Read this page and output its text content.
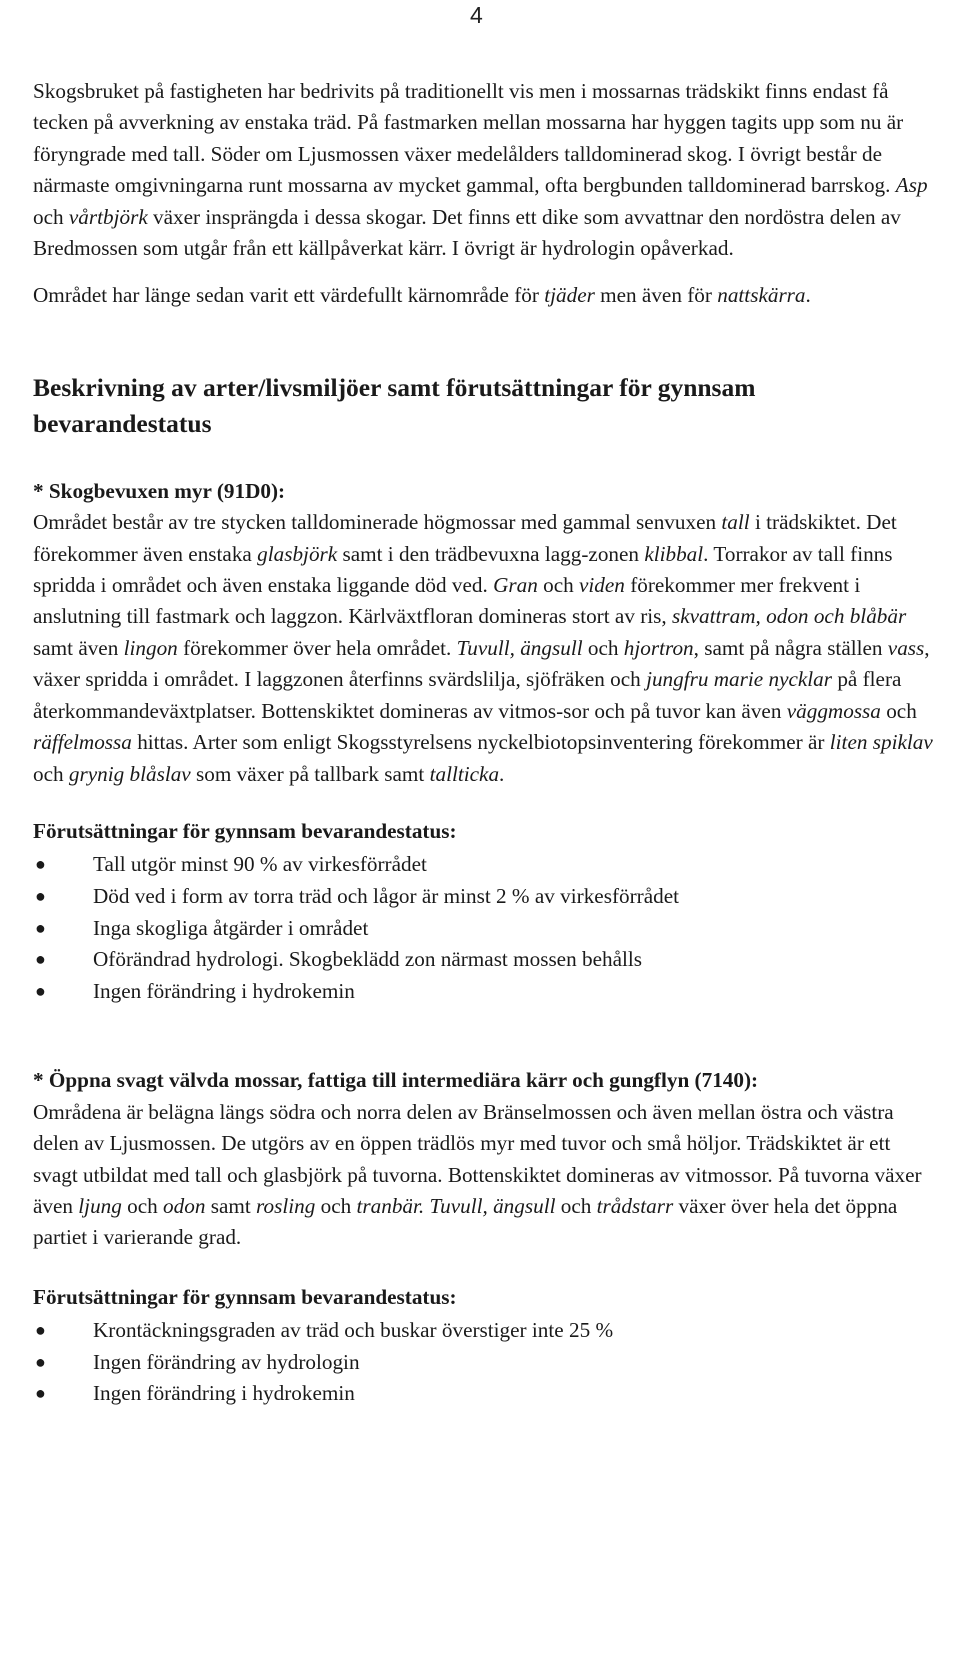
4

Skogsbruket på fastigheten har bedrivits på traditionellt vis men i mossarnas trädskikt finns endast få tecken på avverkning av enstaka träd. På fastmarken mellan mossarna har hyggen tagits upp som nu är föryngrade med tall. Söder om Ljusmossen växer medelålders talldominerad skog. I övrigt består de närmaste omgivningarna runt mossarna av mycket gammal, ofta bergbunden talldominerad barrskog. Asp och vårtbjörk växer insprängda i dessa skogar. Det finns ett dike som avvattnar den nordöstra delen av Bredmossen som utgår från ett källpåverkat kärr. I övrigt är hydrologin opåverkad.

Området har länge sedan varit ett värdefullt kärnområde för tjäder men även för nattskärra.

Beskrivning av arter/livsmiljöer samt förutsättningar för gynnsam bevarandestatus

* Skogbevuxen myr (91D0):

Området består av tre stycken talldominerade högmossar med gammal senvuxen tall i trädskiktet. Det förekommer även enstaka glasbjörk samt i den trädbevuxna lagg-zonen klibbal. Torrakor av tall finns spridda i området och även enstaka liggande död ved. Gran och viden förekommer mer frekvent i anslutning till fastmark och laggzon. Kärlväxtfloran domineras stort av ris, skvattram, odon och blåbär samt även lingon förekommer över hela området. Tuvull, ängsull och hjortron, samt på några ställen vass, växer spridda i området. I laggzonen återfinns svärdslilja, sjöfräken och jungfru marie nycklar på flera återkommandeväxtplatser. Bottenskiktet domineras av vitmos-sor och på tuvor kan även väggmossa och räffelmossa hittas. Arter som enligt Skogsstyrelsens nyckelbiotopsinventering förekommer är liten spiklav och grynig blåslav som växer på tallbark samt tallticka.

Förutsättningar för gynnsam bevarandestatus:

● Tall utgör minst 90 % av virkesförrådet
● Död ved i form av torra träd och lågor är minst 2 % av virkesförrådet
● Inga skogliga åtgärder i området
● Oförändrad hydrologi. Skogbeklädd zon närmast mossen behålls
● Ingen förändring i hydrokemin

* Öppna svagt välvda mossar, fattiga till intermediära kärr och gungflyn (7140):

Områdena är belägna längs södra och norra delen av Bränselmossen och även mellan östra och västra delen av Ljusmossen. De utgörs av en öppen trädlös myr med tuvor och små höljor. Trädskiktet är ett svagt utbildat med tall och glasbjörk på tuvorna. Bottenskiktet domineras av vitmossor. På tuvorna växer även ljung och odon samt rosling och tranbär. Tuvull, ängsull och trådstarr växer över hela det öppna partiet i varierande grad.

Förutsättningar för gynnsam bevarandestatus:

● Krontäckningsgraden av träd och buskar överstiger inte 25 %
● Ingen förändring av hydrologin
● Ingen förändring i hydrokemin
